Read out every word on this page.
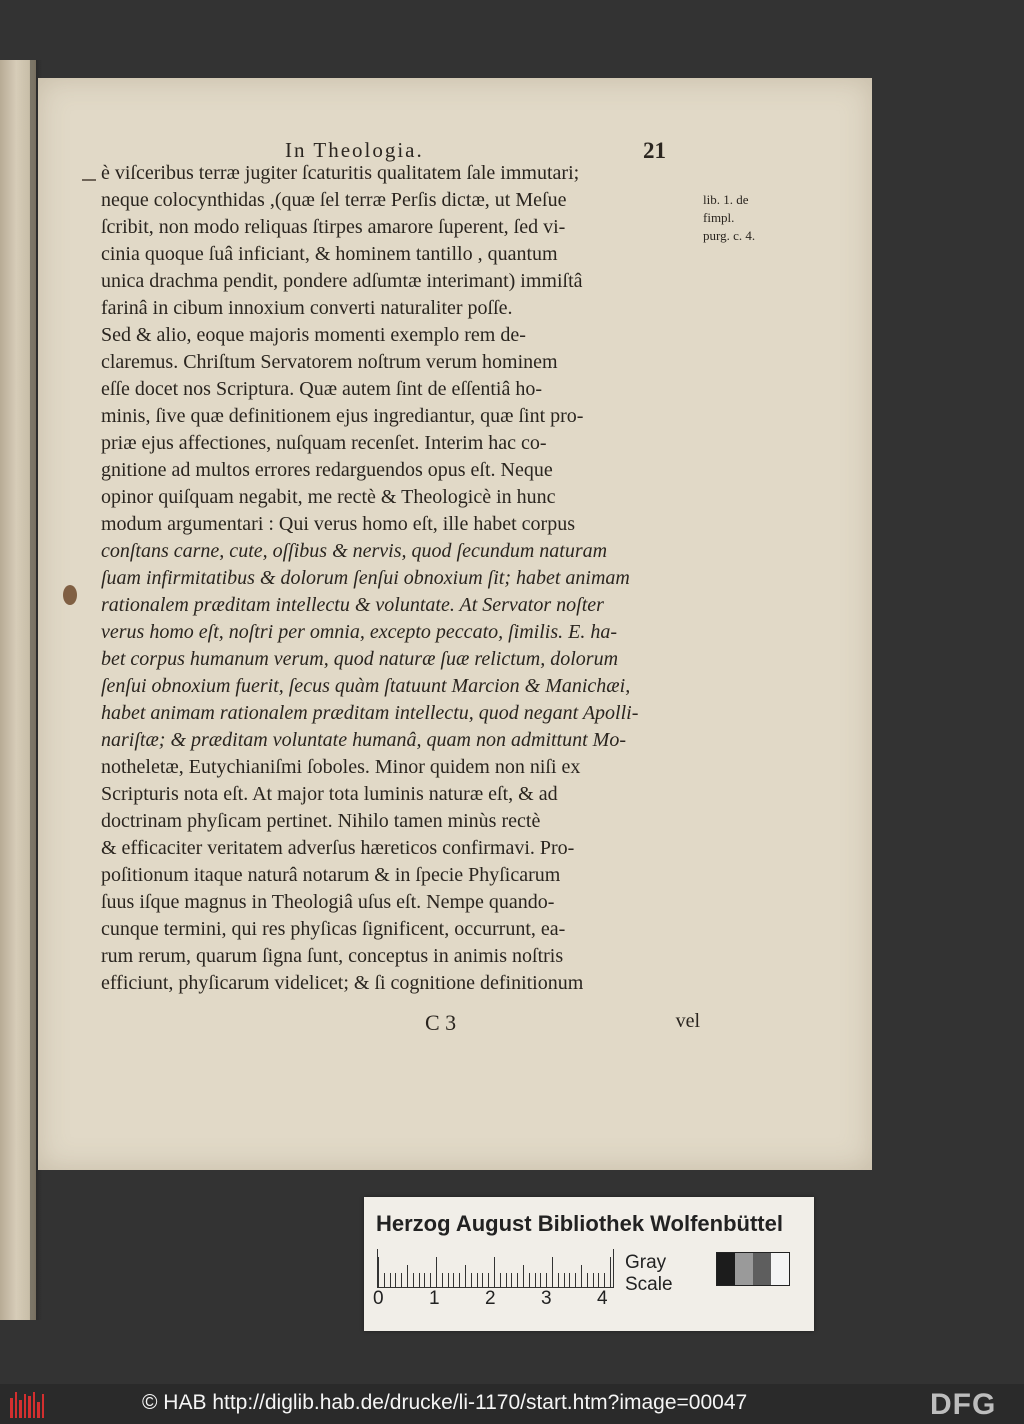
In Theologia.	21
è viſceribus terræ jugiter ſcaturitis qualitatem ſale immutari;
neque colocynthidas ,(quæ ſel terræ Perſis dictæ, ut Meſue
ſcribit, non modo reliquas ſtirpes amarore ſuperent, ſed vi-
cinia quoque ſuâ inficiant, & hominem tantillo , quantum
unica drachma pendit, pondere adſumtæ interimant) immiſtâ
farinâ in cibum innoxium converti naturaliter poſſe.
Sed & alio, eoque majoris momenti exemplo rem de-
claremus. Chriſtum Servatorem noſtrum verum hominem
eſſe docet nos Scriptura. Quæ autem ſint de eſſentiâ ho-
minis, ſive quæ definitionem ejus ingrediantur, quæ ſint pro-
priæ ejus affectiones, nuſquam recenſet. Interim hac co-
gnitione ad multos errores redarguendos opus eſt. Neque
opinor quiſquam negabit, me rectè & Theologicè in hunc
modum argumentari : Qui verus homo eſt, ille habet corpus
conſtans carne, cute, oſſibus & nervis, quod ſecundum naturam
ſuam infirmitatibus & dolorum ſenſui obnoxium ſit; habet animam
rationalem præditam intellectu & voluntate. At Servator noſter
verus homo eſt, noſtri per omnia, excepto peccato, ſimilis. E. ha-
bet corpus humanum verum, quod naturæ ſuæ relictum, dolorum
ſenſui obnoxium fuerit, ſecus quàm ſtatuunt Marcion & Manichæi,
habet animam rationalem præditam intellectu, quod negant Apolli-
nariſtæ; & præditam voluntate humanâ, quam non admittunt Mo-
notheletæ, Eutychianiſmi ſoboles. Minor quidem non niſi ex
Scripturis nota eſt. At major tota luminis naturæ eſt, & ad
doctrinam phyſicam pertinet. Nihilo tamen minùs rectè
& efficaciter veritatem adverſus hæreticos confirmavi. Pro-
poſitionum itaque naturâ notarum & in ſpecie Phyſicarum
ſuus iſque magnus in Theologiâ uſus eſt. Nempe quando-
cunque termini, qui res phyſicas ſignificent, occurrunt, ea-
rum rerum, quarum ſigna ſunt, conceptus in animis noſtris
efficiunt, phyſicarum videlicet; & ſi cognitione definitionum
lib. 1. de
fimpl.
purg. c. 4.
C 3	vel
Herzog August Bibliothek Wolfenbüttel
0 1 2 3 4
Gray Scale
© HAB http://diglib.hab.de/drucke/li-1170/start.htm?image=00047	DFG
